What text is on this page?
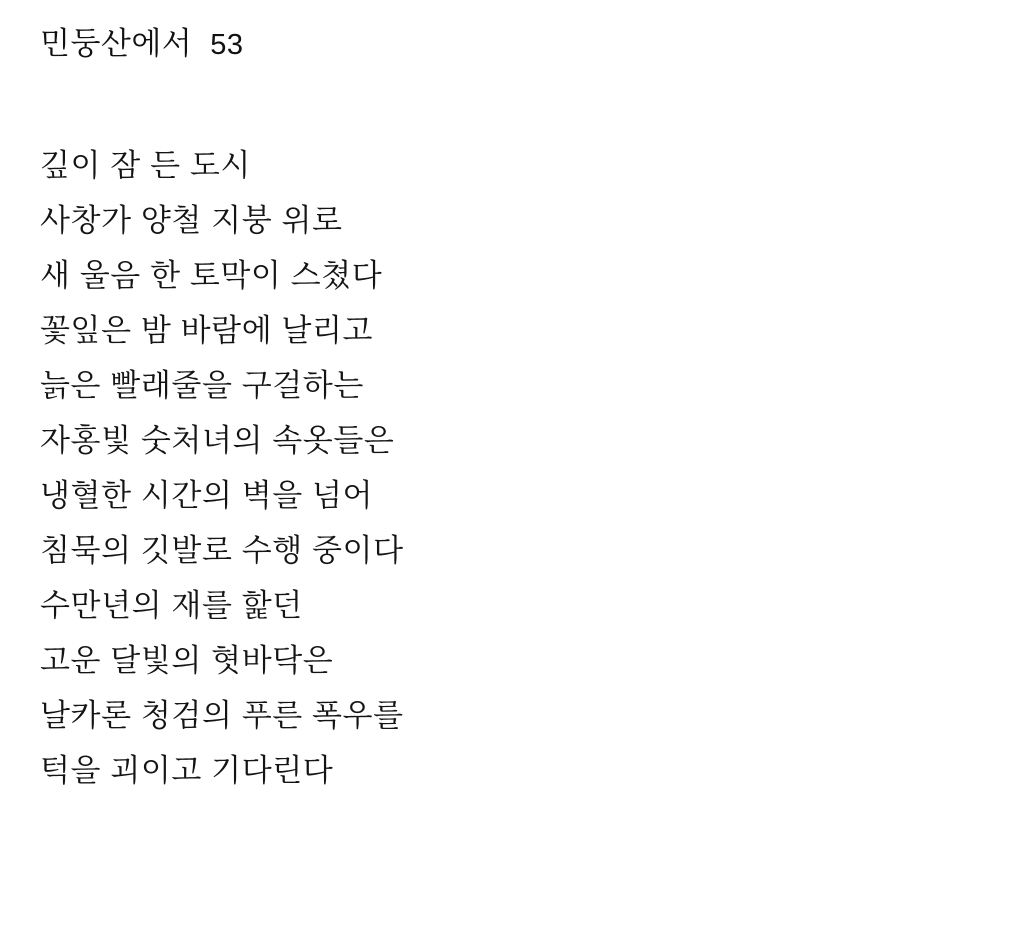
민둥산에서 53
깊이 잠 든 도시
사창가 양철 지붕 위로
새 울음 한 토막이 스쳤다
꽃잎은 밤 바람에 날리고
늙은 빨래줄을 구걸하는
자홍빛 숫처녀의 속옷들은
냉혈한 시간의 벽을 넘어
침묵의 깃발로 수행 중이다
수만년의 재를 핥던
고운 달빛의 혓바닥은
날카론 청검의 푸른 폭우를
턱을 괴이고 기다린다
